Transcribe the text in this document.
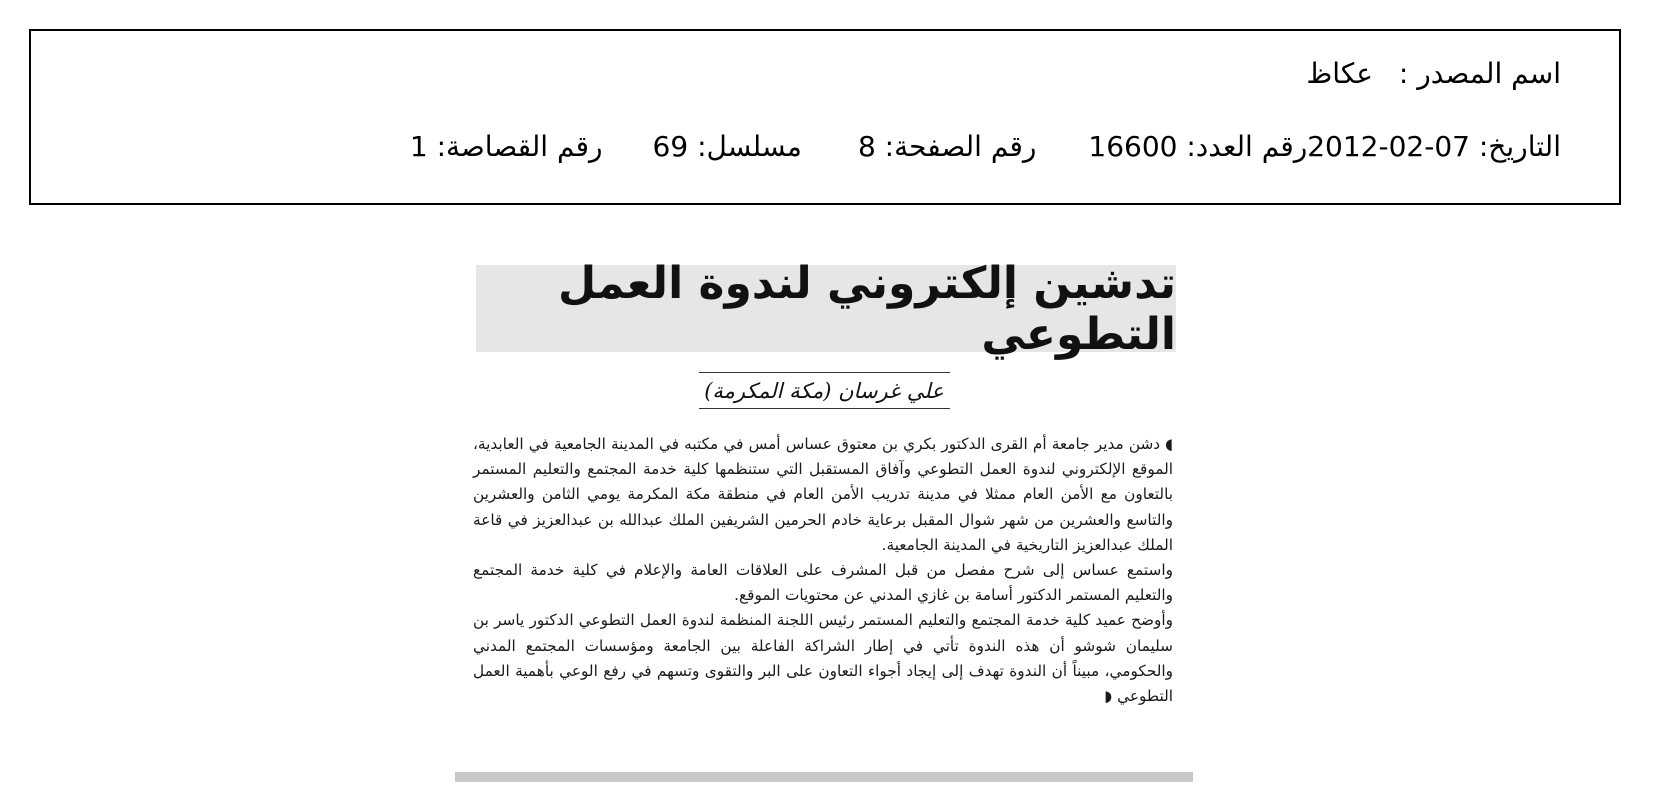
اسم المصدر :
عكاظ
التاريخ:

2012-02-07
رقم العدد:

16600
رقم الصفحة:

8
مسلسل:

69
رقم القصاصة:

1
تدشين إلكتروني لندوة العمل التطوعي
علي غرسان (مكة المكرمة)

◖دشن مدير جامعة أم القرى الدكتور بكري بن معتوق عساس أمس في مكتبه في المدينة الجامعية في العابدية، الموقع الإلكتروني لندوة العمل التطوعي وآفاق المستقبل التي ستنظمها كلية خدمة المجتمع والتعليم المستمر بالتعاون مع الأمن العام ممثلا في مدينة تدريب الأمن العام في منطقة مكة المكرمة يومي الثامن والعشرين والتاسع والعشرين من شهر شوال المقبل برعاية خادم الحرمين الشريفين الملك عبدالله بن عبدالعزيز في قاعة الملك عبدالعزيز التاريخية في المدينة الجامعية.

واستمع عساس إلى شرح مفصل من قبل المشرف على العلاقات العامة والإعلام في كلية خدمة المجتمع والتعليم المستمر الدكتور أسامة بن غازي المدني عن محتويات الموقع.

وأوضح عميد كلية خدمة المجتمع والتعليم المستمر رئيس اللجنة المنظمة لندوة العمل التطوعي الدكتور ياسر بن سليمان شوشو أن هذه الندوة تأتي في إطار الشراكة الفاعلة بين الجامعة ومؤسسات المجتمع المدني والحكومي، مبيناً أن الندوة تهدف إلى إيجاد أجواء التعاون على البر والتقوى وتسهم في رفع الوعي بأهمية العمل التطوعي◗
